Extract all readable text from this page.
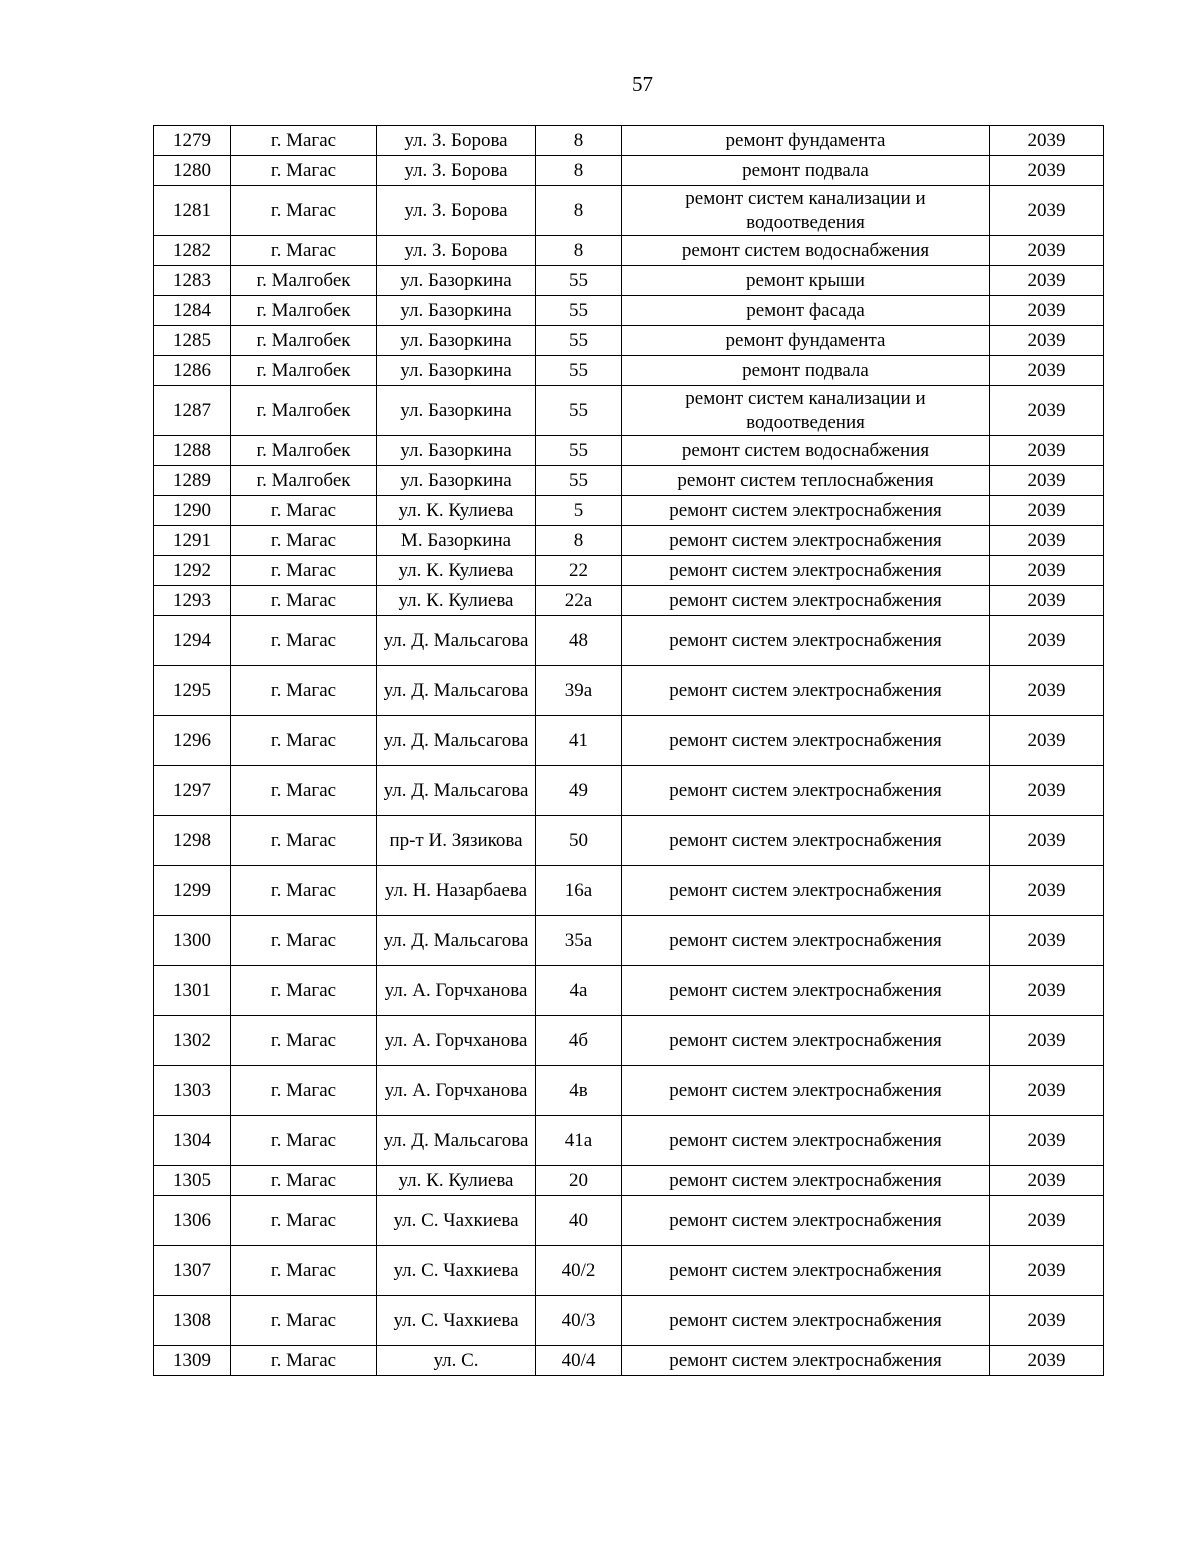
57
1279	г. Магас	ул. З. Борова	8	ремонт фундамента	2039
1280	г. Магас	ул. З. Борова	8	ремонт подвала	2039
1281	г. Магас	ул. З. Борова	8	ремонт систем канализации и водоотведения	2039
1282	г. Магас	ул. З. Борова	8	ремонт систем водоснабжения	2039
1283	г. Малгобек	ул. Базоркина	55	ремонт крыши	2039
1284	г. Малгобек	ул. Базоркина	55	ремонт фасада	2039
1285	г. Малгобек	ул. Базоркина	55	ремонт фундамента	2039
1286	г. Малгобек	ул. Базоркина	55	ремонт подвала	2039
1287	г. Малгобек	ул. Базоркина	55	ремонт систем канализации и водоотведения	2039
1288	г. Малгобек	ул. Базоркина	55	ремонт систем водоснабжения	2039
1289	г. Малгобек	ул. Базоркина	55	ремонт систем теплоснабжения	2039
1290	г. Магас	ул. К. Кулиева	5	ремонт систем электроснабжения	2039
1291	г. Магас	М. Базоркина	8	ремонт систем электроснабжения	2039
1292	г. Магас	ул. К. Кулиева	22	ремонт систем электроснабжения	2039
1293	г. Магас	ул. К. Кулиева	22а	ремонт систем электроснабжения	2039
1294	г. Магас	ул. Д. Мальсагова	48	ремонт систем электроснабжения	2039
1295	г. Магас	ул. Д. Мальсагова	39а	ремонт систем электроснабжения	2039
1296	г. Магас	ул. Д. Мальсагова	41	ремонт систем электроснабжения	2039
1297	г. Магас	ул. Д. Мальсагова	49	ремонт систем электроснабжения	2039
1298	г. Магас	пр-т И. Зязикова	50	ремонт систем электроснабжения	2039
1299	г. Магас	ул. Н. Назарбаева	16а	ремонт систем электроснабжения	2039
1300	г. Магас	ул. Д. Мальсагова	35а	ремонт систем электроснабжения	2039
1301	г. Магас	ул. А. Горчханова	4а	ремонт систем электроснабжения	2039
1302	г. Магас	ул. А. Горчханова	4б	ремонт систем электроснабжения	2039
1303	г. Магас	ул. А. Горчханова	4в	ремонт систем электроснабжения	2039
1304	г. Магас	ул. Д. Мальсагова	41а	ремонт систем электроснабжения	2039
1305	г. Магас	ул. К. Кулиева	20	ремонт систем электроснабжения	2039
1306	г. Магас	ул. С. Чахкиева	40	ремонт систем электроснабжения	2039
1307	г. Магас	ул. С. Чахкиева	40/2	ремонт систем электроснабжения	2039
1308	г. Магас	ул. С. Чахкиева	40/3	ремонт систем электроснабжения	2039
1309	г. Магас	ул. С.	40/4	ремонт систем электроснабжения	2039
